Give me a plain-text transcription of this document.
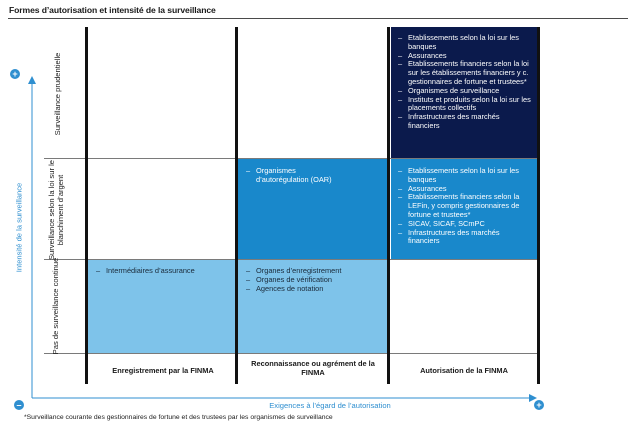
Formes d’autorisation et intensité de la surveillance
– Etablissements selon la loi sur les banques
– Assurances
– Etablissements financiers selon la loi sur les établissements financiers y c. gestionnaires de fortune et trustees*
– Organismes de surveillance
– Instituts et produits selon la loi sur les placements collectifs
– Infrastructures des marchés financiers
– Organismes d’autorégulation (OAR)
– Etablissements selon la loi sur les banques
– Assurances
– Etablissements financiers selon la LEFin, y compris gestionnaires de fortune et trustees*
– SICAV, SICAF, SCmPC
– Infrastructures des marchés financiers
– Intermédiaires d’assurance
–	Organes d’enregistrement
– Organes de vérification
– Agences de notation
Surveillance prudentielle
Surveillance selon la loi sur le blanchiment d’argent
Pas de surveillance continue
Enregistrement par la FINMA
Reconnaissance ou agrément de la FINMA	Autorisation de la FINMA
+
–	+
Intensité de la surveillance
Exigences à l’égard de l’autorisation
*Surveillance courante des gestionnaires de fortune et des trustees par les organismes de surveillance
